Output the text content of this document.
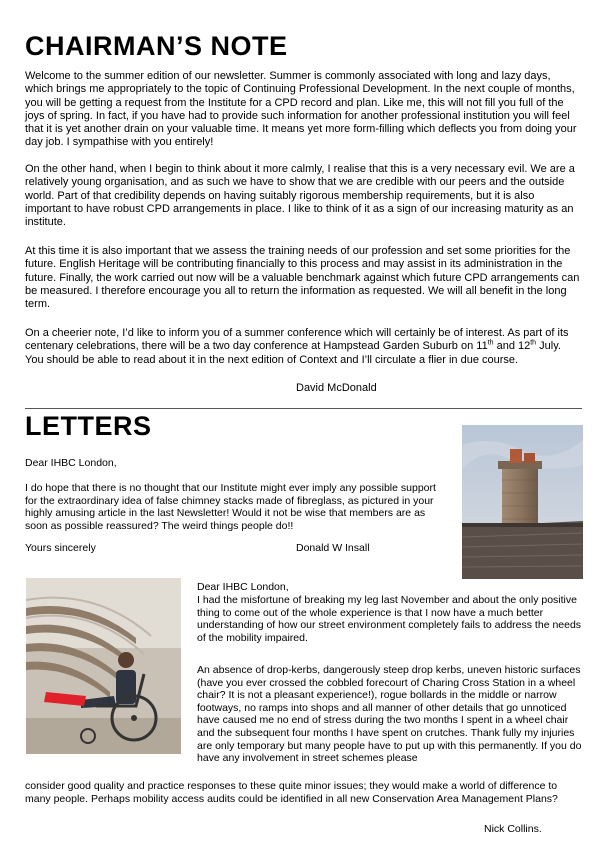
CHAIRMAN’S NOTE

Welcome to the summer edition of our newsletter. Summer is commonly associated with long and lazy days, which brings me appropriately to the topic of Continuing Professional Development. In the next couple of months, you will be getting a request from the Institute for a CPD record and plan. Like me, this will not fill you full of the joys of spring. In fact, if you have had to provide such information for another professional institution you will feel that it is yet another drain on your valuable time. It means yet more form-filling which deflects you from doing your day job. I sympathise with you entirely!

On the other hand, when I begin to think about it more calmly, I realise that this is a very necessary evil. We are a relatively young organisation, and as such we have to show that we are credible with our peers and the outside world. Part of that credibility depends on having suitably rigorous membership requirements, but it is also important to have robust CPD arrangements in place. I like to think of it as a sign of our increasing maturity as an institute.

At this time it is also important that we assess the training needs of our profession and set some priorities for the future. English Heritage will be contributing financially to this process and may assist in its administration in the future. Finally, the work carried out now will be a valuable benchmark against which future CPD arrangements can be measured. I therefore encourage you all to return the information as requested. We will all benefit in the long term.

On a cheerier note, I’d like to inform you of a summer conference which will certainly be of interest. As part of its centenary celebrations, there will be a two day conference at Hampstead Garden Suburb on 11th and 12th July. You should be able to read about it in the next edition of Context and I’ll circulate a flier in due course.

David McDonald
LETTERS

Dear IHBC London,

I do hope that there is no thought that our Institute might ever imply any possible support for the extraordinary idea of false chimney stacks made of fibreglass, as pictured in your highly amusing article in the last Newsletter! Would it not be wise that members are as soon as possible reassured? The weird things people do!!

Yours sincerely	Donald W Insall

Dear IHBC London,

I had the misfortune of breaking my leg last November and about the only positive thing to come out of the whole experience is that I now have a much better understanding of how our street environment completely fails to address the needs of the mobility impaired.

An absence of drop-kerbs, dangerously steep drop kerbs, uneven historic surfaces (have you ever crossed the cobbled forecourt of Charing Cross Station in a wheel chair? It is not a pleasant experience!), rogue bollards in the middle or narrow footways, no ramps into shops and all manner of other details that go unnoticed have caused me no end of stress during the two months I spent in a wheel chair and the subsequent four months I have spent on crutches. Thank fully my injuries are only temporary but many people have to put up with this permanently. If you do have any involvement in street schemes please

consider good quality and practice responses to these quite minor issues; they would make a world of difference to many people. Perhaps mobility access audits could be identified in all new Conservation Area Management Plans?

Nick Collins.
